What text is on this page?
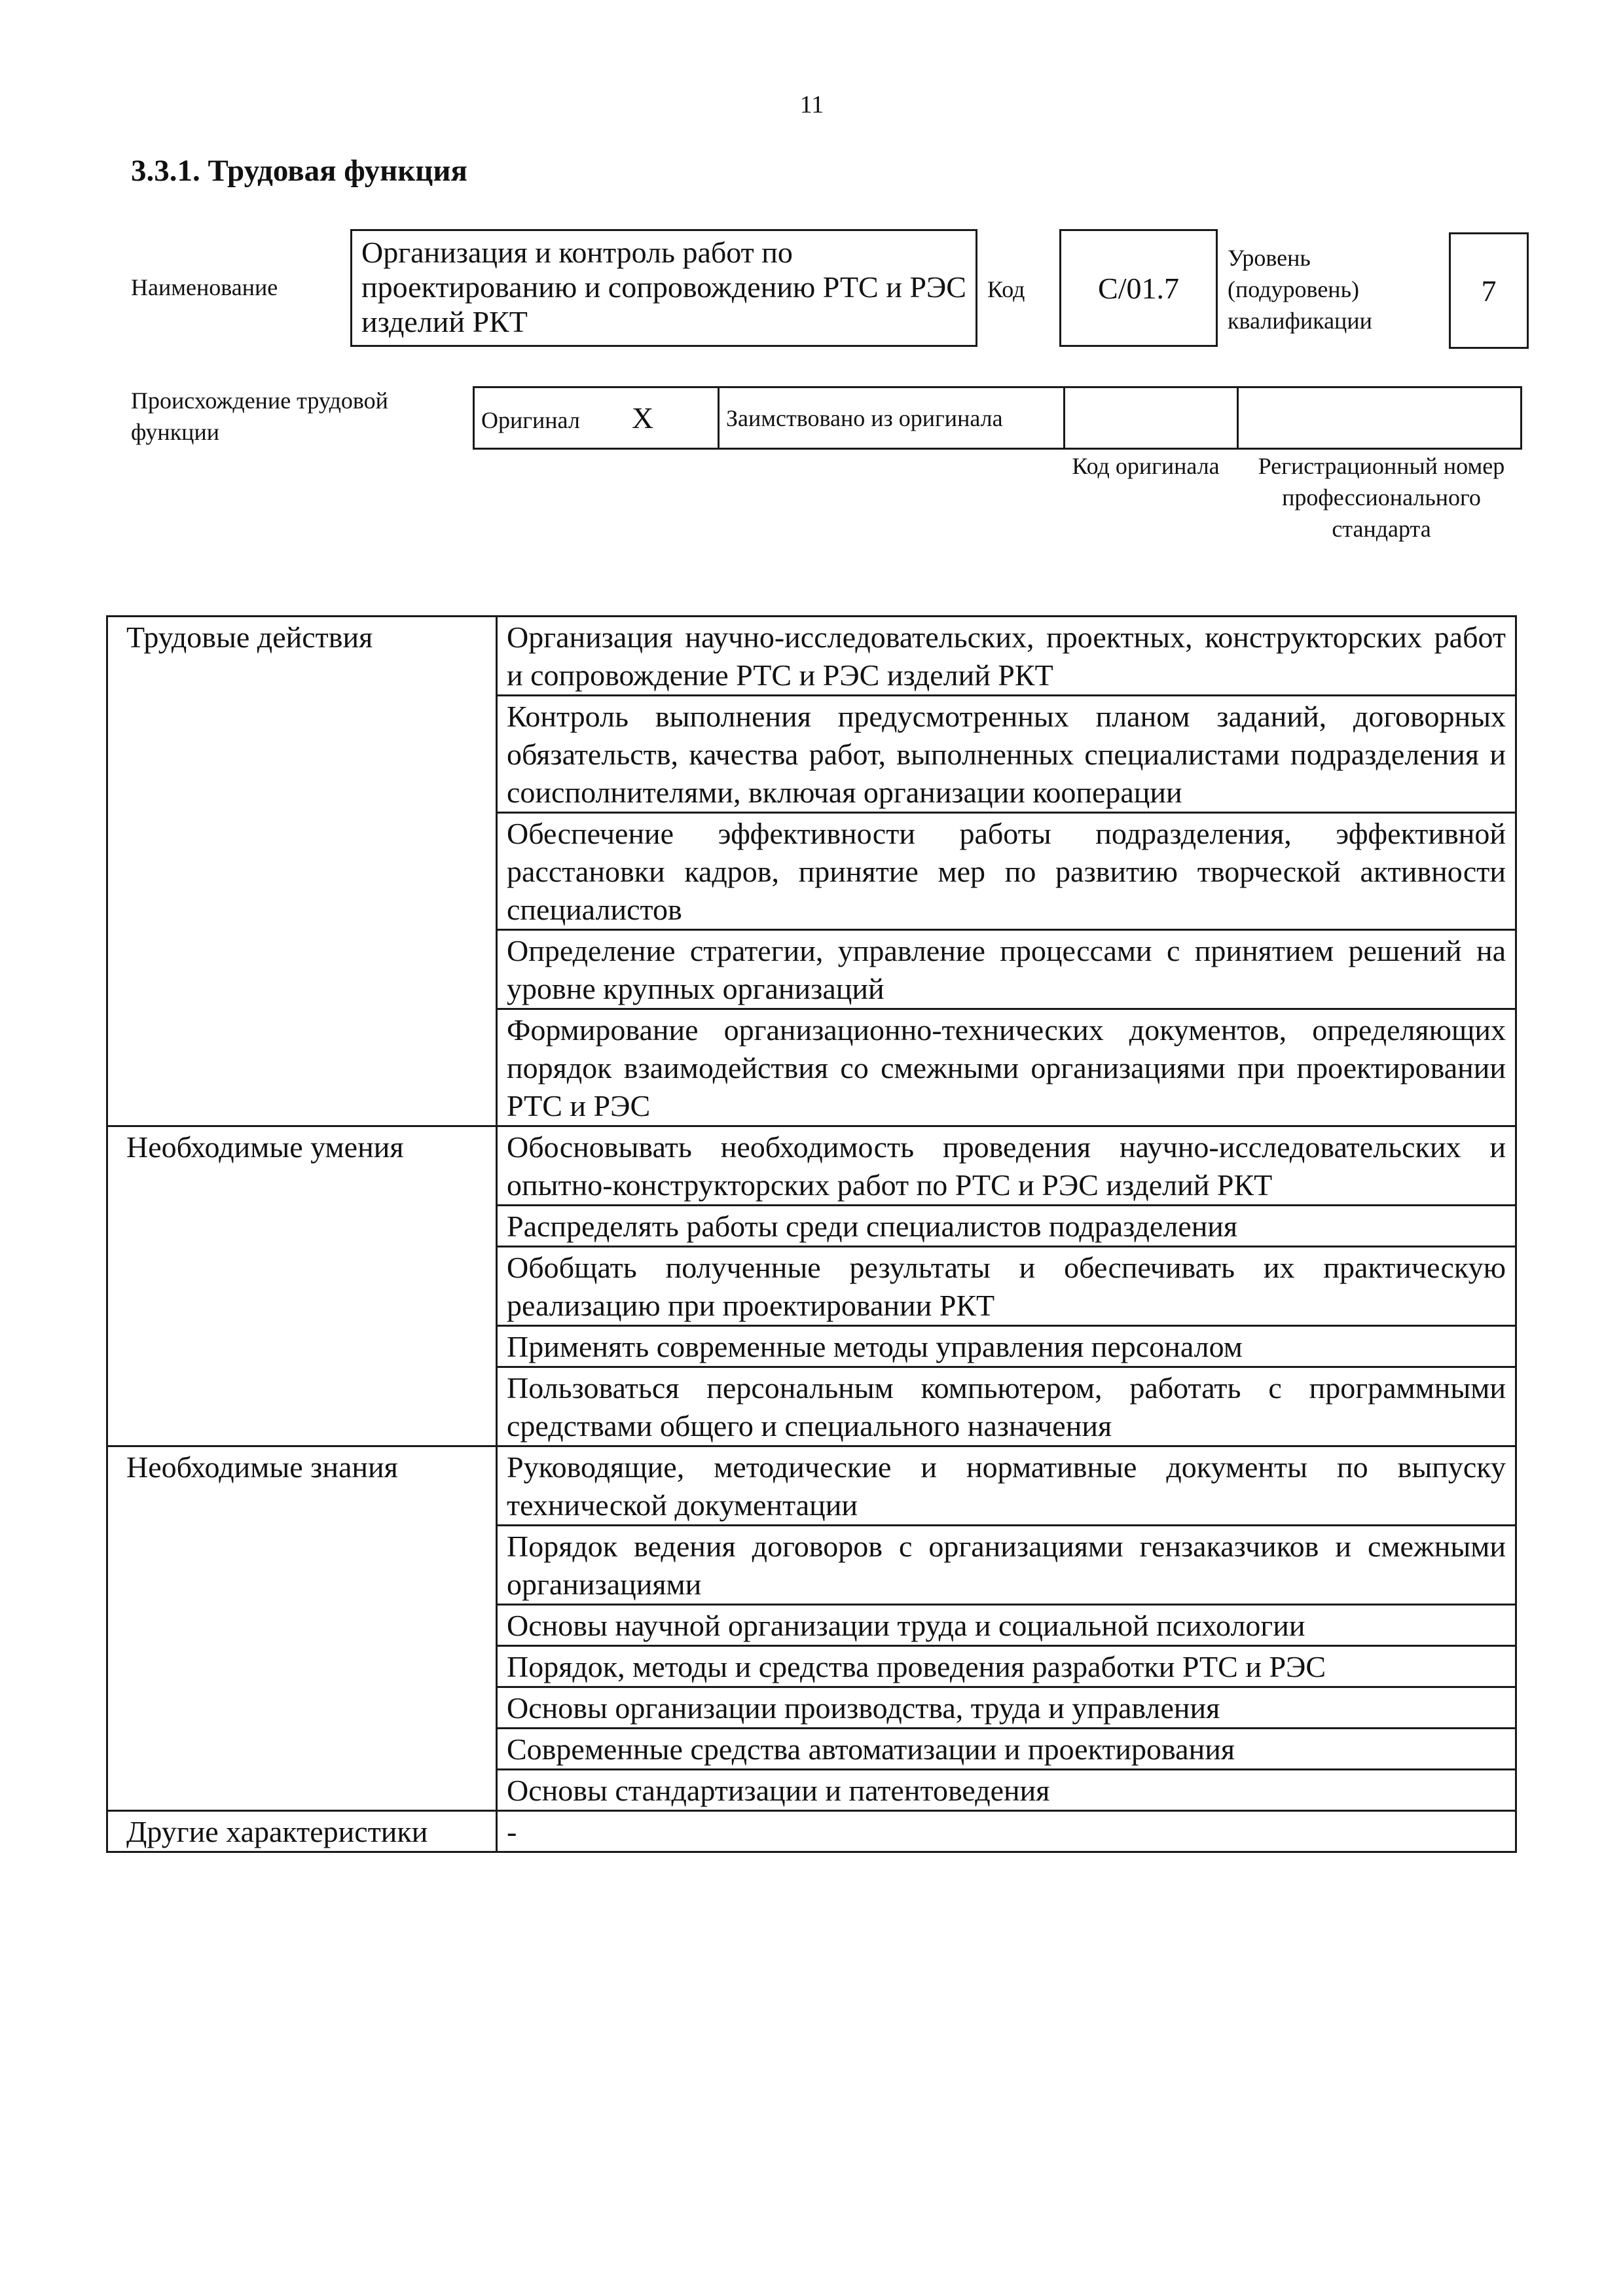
11
3.3.1. Трудовая функция
Наименование
Организация и контроль работ по проектированию и сопровождению РТС и РЭС изделий РКТ
Код С/01.7
Уровень (подуровень) квалификации
7
Происхождение трудовой функции	Оригинал X	Заимствовано из оригинала		
Код оригинала	Регистрационный номер профессионального стандарта
Трудовые действия	Организация научно-исследовательских, проектных, конструкторских работ и сопровождение РТС и РЭС изделий РКТ
	Контроль выполнения предусмотренных планом заданий, договорных обязательств, качества работ, выполненных специалистами подразделения и соисполнителями, включая организации кооперации
	Обеспечение эффективности работы подразделения, эффективной расстановки кадров, принятие мер по развитию творческой активности специалистов
	Определение стратегии, управление процессами с принятием решений на уровне крупных организаций
	Формирование организационно-технических документов, определяющих порядок взаимодействия со смежными организациями при проектировании РТС и РЭС
Необходимые умения	Обосновывать необходимость проведения научно-исследовательских и опытно-конструкторских работ по РТС и РЭС изделий РКТ
	Распределять работы среди специалистов подразделения
	Обобщать полученные результаты и обеспечивать их практическую реализацию при проектировании РКТ
	Применять современные методы управления персоналом
	Пользоваться персональным компьютером, работать с программными средствами общего и специального назначения
Необходимые знания	Руководящие, методические и нормативные документы по выпуску технической документации
	Порядок ведения договоров с организациями гензаказчиков и смежными организациями
	Основы научной организации труда и социальной психологии
	Порядок, методы и средства проведения разработки РТС и РЭС
	Основы организации производства, труда и управления
	Современные средства автоматизации и проектирования
	Основы стандартизации и патентоведения
Другие характеристики	-
